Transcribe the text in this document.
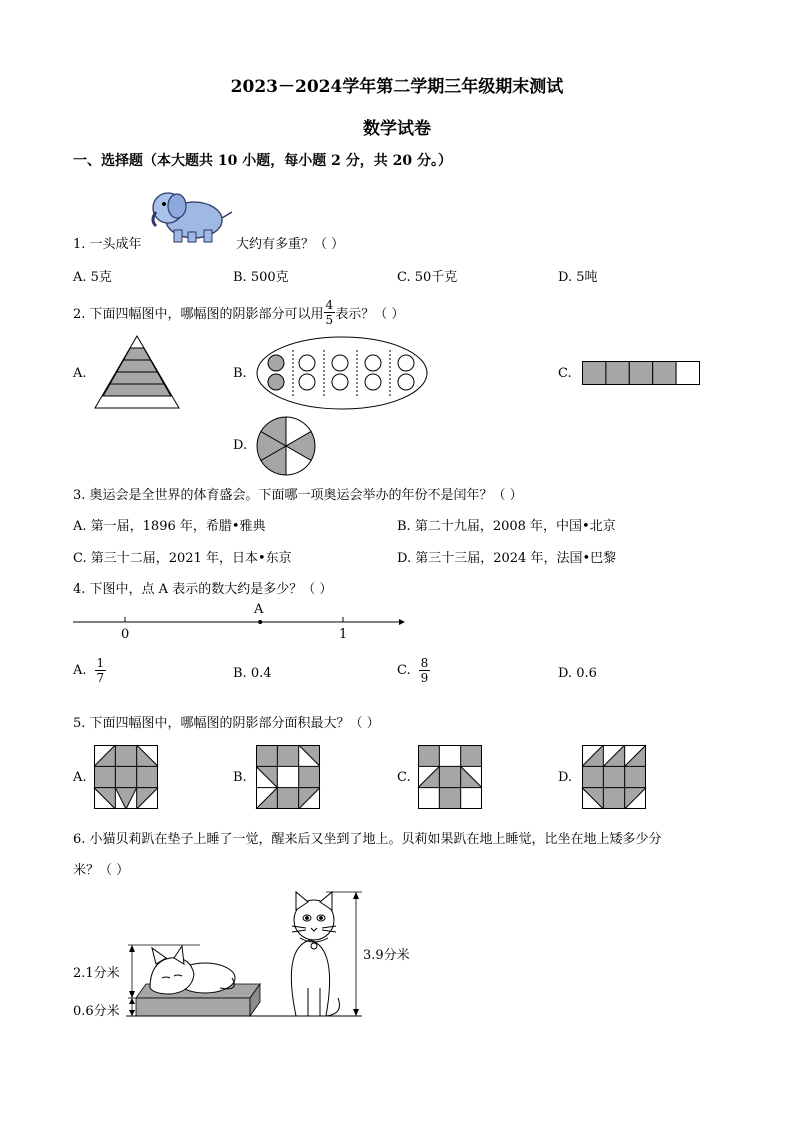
2023－2024学年第二学期三年级期末测试
数学试卷
一、选择题（本大题共 10 小题，每小题 2 分，共 20 分。）
1. 一头成年	大约有多重？（ ）
A. 5克	B. 500克	C. 50千克	D. 5吨
2. 下面四幅图中，哪幅图的阴影部分可以用 $\frac{4}{5}$ 表示？（ ）
A.	B.	C.
D.
3. 奥运会是全世界的体育盛会。下面哪一项奥运会举办的年份不是闰年？（ ）
A. 第一届，1896 年，希腊•雅典	B. 第二十九届，2008 年，中国•北京
C. 第三十二届，2021 年，日本•东京	D. 第三十三届，2024 年，法国•巴黎
4. 下图中，点 A 表示的数大约是多少？（ ）
A
0	1
A. $\frac{1}{7}$	B. 0.4	C. $\frac{8}{9}$	D. 0.6
5. 下面四幅图中，哪幅图的阴影部分面积最大？（ ）
A.	B.	C.	D.
6. 小猫贝莉趴在垫子上睡了一觉，醒来后又坐到了地上。贝莉如果趴在地上睡觉，比坐在地上矮多少分
米？（ ）
2.1分米
0.6分米
3.9分米
